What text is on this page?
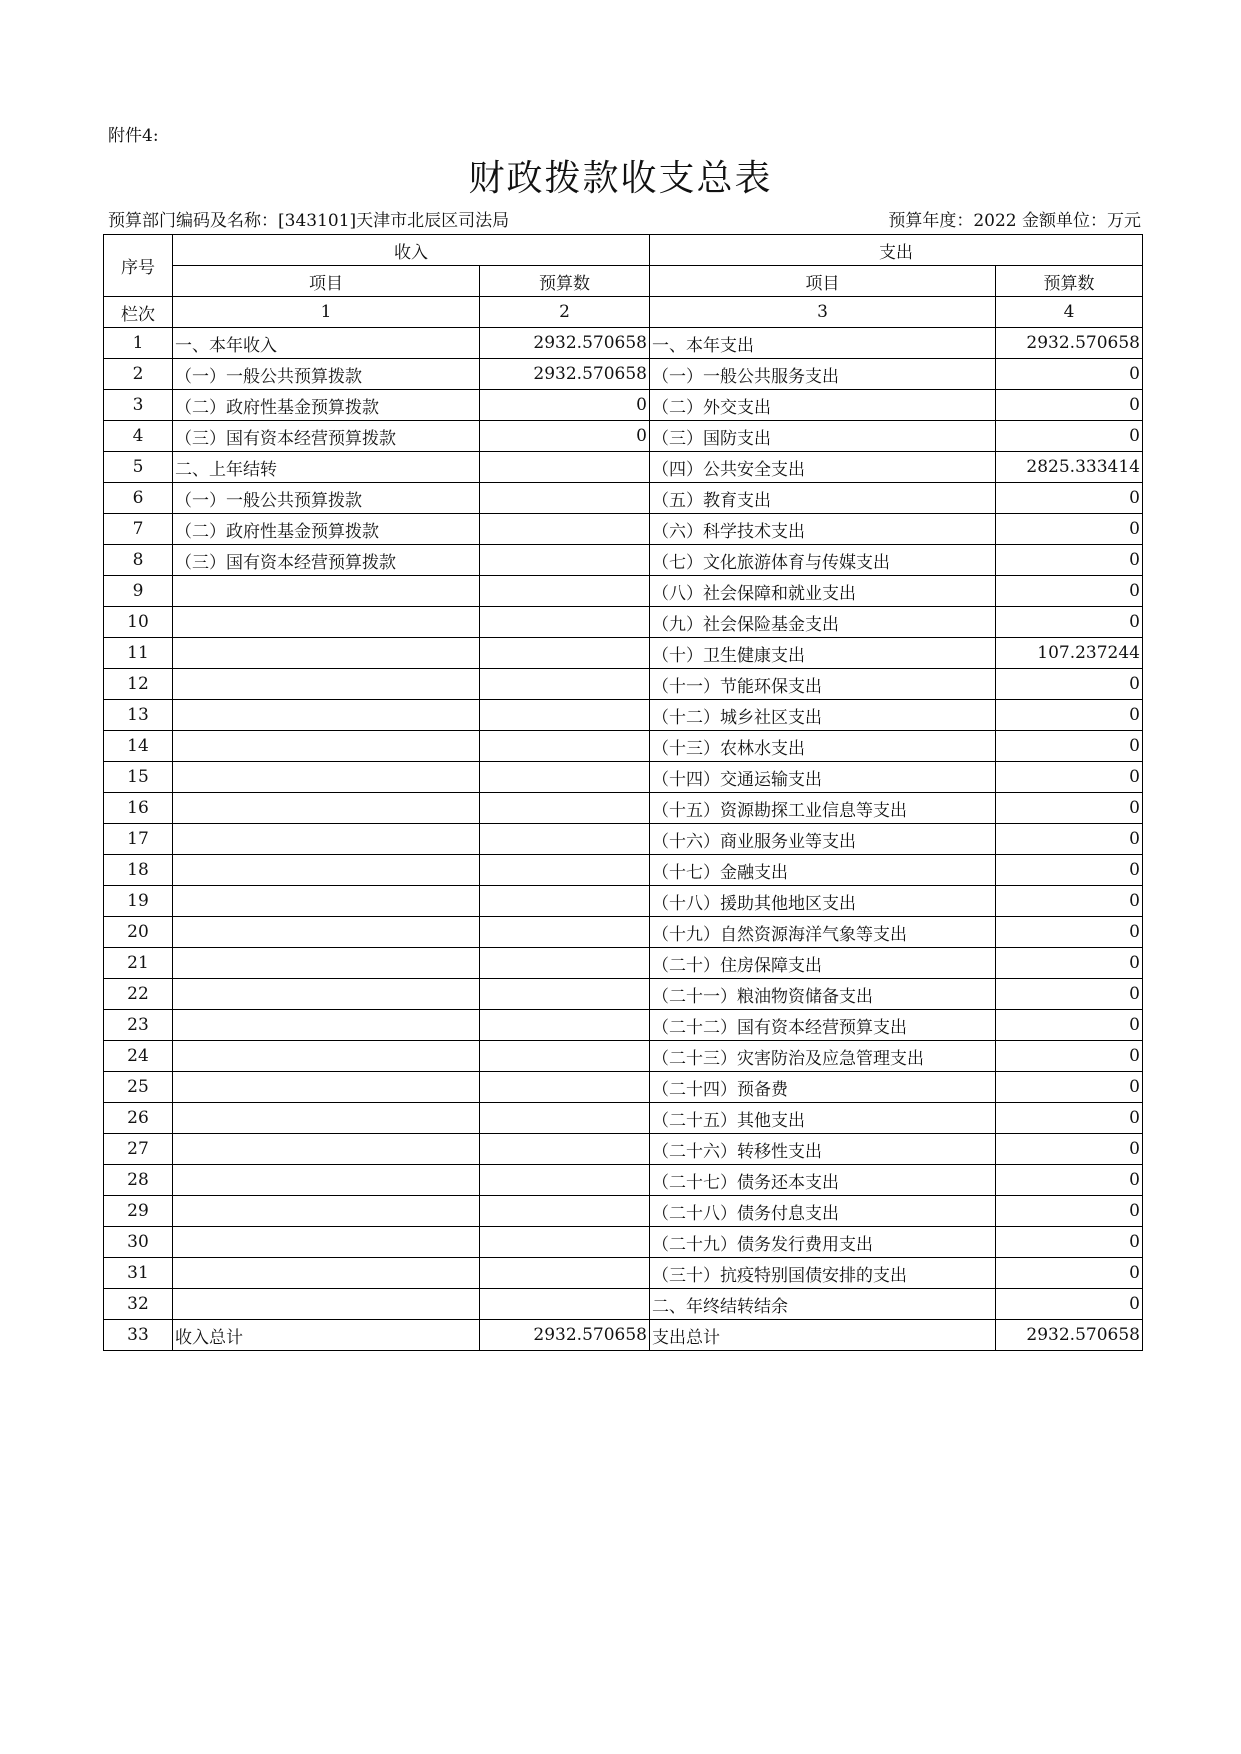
附件4:
财政拨款收支总表
预算部门编码及名称：[343101]天津市北辰区司法局	预算年度：2022 金额单位：万元
序号	收入		支出	
	项目	预算数	项目	预算数
栏次	1	2	3	4
1	一、本年收入	2932.570658	一、本年支出	2932.570658
2	（一）一般公共预算拨款	2932.570658	（一）一般公共服务支出	0
3	（二）政府性基金预算拨款	0	（二）外交支出	0
4	（三）国有资本经营预算拨款	0	（三）国防支出	0
5	二、上年结转		（四）公共安全支出	2825.333414
6	（一）一般公共预算拨款		（五）教育支出	0
7	（二）政府性基金预算拨款		（六）科学技术支出	0
8	（三）国有资本经营预算拨款		（七）文化旅游体育与传媒支出	0
9			（八）社会保障和就业支出	0
10			（九）社会保险基金支出	0
11			（十）卫生健康支出	107.237244
12			（十一）节能环保支出	0
13			（十二）城乡社区支出	0
14			（十三）农林水支出	0
15			（十四）交通运输支出	0
16			（十五）资源勘探工业信息等支出	0
17			（十六）商业服务业等支出	0
18			（十七）金融支出	0
19			（十八）援助其他地区支出	0
20			（十九）自然资源海洋气象等支出	0
21			（二十）住房保障支出	0
22			（二十一）粮油物资储备支出	0
23			（二十二）国有资本经营预算支出	0
24			（二十三）灾害防治及应急管理支出	0
25			（二十四）预备费	0
26			（二十五）其他支出	0
27			（二十六）转移性支出	0
28			（二十七）债务还本支出	0
29			（二十八）债务付息支出	0
30			（二十九）债务发行费用支出	0
31			（三十）抗疫特别国债安排的支出	0
32			二、年终结转结余	0
33	收入总计	2932.570658	支出总计	2932.570658
